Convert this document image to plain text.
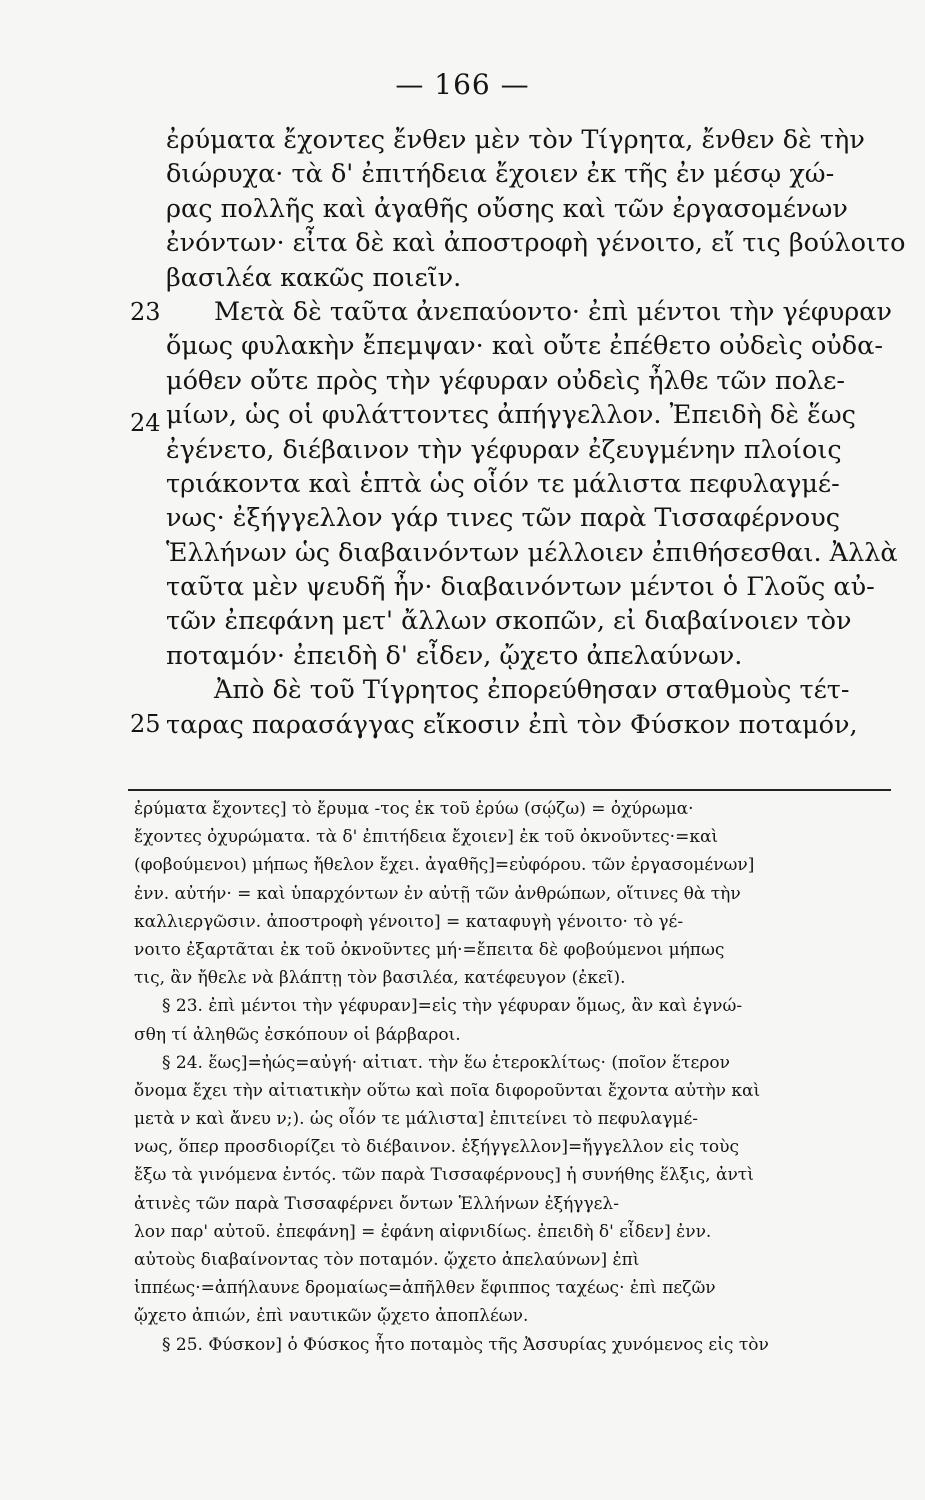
— 166 —
23
24
25
ἐρύματα ἔχοντες ἔνθεν μὲν τὸν Τίγρητα, ἔνθεν δὲ τὴν
διώρυχα· τὰ δ' ἐπιτήδεια ἔχοιεν ἐκ τῆς ἐν μέσῳ χώ-
ρας πολλῆς καὶ ἀγαθῆς οὔσης καὶ τῶν ἐργασομένων
ἐνόντων· εἶτα δὲ καὶ ἀποστροφὴ γένοιτο, εἴ τις βούλοιτο
βασιλέα κακῶς ποιεῖν.
Μετὰ δὲ ταῦτα ἀνεπαύοντο· ἐπὶ μέντοι τὴν γέφυραν
ὅμως φυλακὴν ἔπεμψαν· καὶ οὔτε ἐπέθετο οὐδεὶς οὐδα-
μόθεν οὔτε πρὸς τὴν γέφυραν οὐδεὶς ἦλθε τῶν πολε-
μίων, ὡς οἱ φυλάττοντες ἀπήγγελλον. Ἐπειδὴ δὲ ἕως
ἐγένετο, διέβαινον τὴν γέφυραν ἐζευγμένην πλοίοις
τριάκοντα καὶ ἑπτὰ ὡς οἷόν τε μάλιστα πεφυλαγμέ-
νως· ἐξήγγελλον γάρ τινες τῶν παρὰ Τισσαφέρνους
Ἑλλήνων ὡς διαβαινόντων μέλλοιεν ἐπιθήσεσθαι. Ἀλλὰ
ταῦτα μὲν ψευδῆ ἦν· διαβαινόντων μέντοι ὁ Γλοῦς αὐ-
τῶν ἐπεφάνη μετ' ἄλλων σκοπῶν, εἰ διαβαίνοιεν τὸν
ποταμόν· ἐπειδὴ δ' εἶδεν, ᾤχετο ἀπελαύνων.
Ἀπὸ δὲ τοῦ Τίγρητος ἐπορεύθησαν σταθμοὺς τέτ-
ταρας παρασάγγας εἴκοσιν ἐπὶ τὸν Φύσκον ποταμόν,
ἐρύματα ἔχοντες] τὸ ἔρυμα -τος ἐκ τοῦ ἐρύω (σῴζω) = ὀχύρωμα·
ἔχοντες ὀχυρώματα. τὰ δ' ἐπιτήδεια ἔχοιεν] ἐκ τοῦ ὀκνοῦντες·=καὶ
(φοβούμενοι) μήπως ἤθελον ἔχει. ἀγαθῆς]=εὐφόρου. τῶν ἐργασομένων]
ἐνν. αὐτήν· = καὶ ὑπαρχόντων ἐν αὐτῇ τῶν ἀνθρώπων, οἵτινες θὰ τὴν
καλλιεργῶσιν. ἀποστροφὴ γένοιτο] = καταφυγὴ γένοιτο· τὸ γέ-
νοιτο ἐξαρτᾶται ἐκ τοῦ ὀκνοῦντες μή·=ἔπειτα δὲ φοβούμενοι μήπως
τις, ἂν ἤθελε νὰ βλάπτῃ τὸν βασιλέα, κατέφευγον (ἐκεῖ).
§ 23. ἐπὶ μέντοι τὴν γέφυραν]=εἰς τὴν γέφυραν ὅμως, ἂν καὶ ἐγνώ-
σθη τί ἀληθῶς ἐσκόπουν οἱ βάρβαροι.
§ 24. ἕως]=ἠώς=αὐγή· αἰτιατ. τὴν ἕω ἑτεροκλίτως· (ποῖον ἕτερον
ὄνομα ἔχει τὴν αἰτιατικὴν οὕτω καὶ ποῖα διφοροῦνται ἔχοντα αὐτὴν καὶ
μετὰ ν καὶ ἄνευ ν;). ὡς οἷόν τε μάλιστα] ἐπιτείνει τὸ πεφυλαγμέ-
νως, ὅπερ προσδιορίζει τὸ διέβαινον. ἐξήγγελλον]=ἤγγελλον εἰς τοὺς
ἔξω τὰ γινόμενα ἐντός. τῶν παρὰ Τισσαφέρνους] ἡ συνήθης ἕλξις, ἀντὶ
ἀτινὲς τῶν παρὰ Τισσαφέρνει ὄντων Ἑλλήνων ἐξήγγελ-
λον παρ' αὐτοῦ. ἐπεφάνη] = ἐφάνη αἰφνιδίως. ἐπειδὴ δ' εἶδεν] ἐνν.
αὐτοὺς διαβαίνοντας τὸν ποταμόν. ᾤχετο ἀπελαύνων] ἐπὶ
ἱππέως·=ἀπήλαυνε δρομαίως=ἀπῆλθεν ἔφιππος ταχέως· ἐπὶ πεζῶν
ᾤχετο ἀπιών, ἐπὶ ναυτικῶν ᾤχετο ἀποπλέων.
§ 25. Φύσκον] ὁ Φύσκος ἦτο ποταμὸς τῆς Ἀσσυρίας χυνόμενος εἰς τὸν
